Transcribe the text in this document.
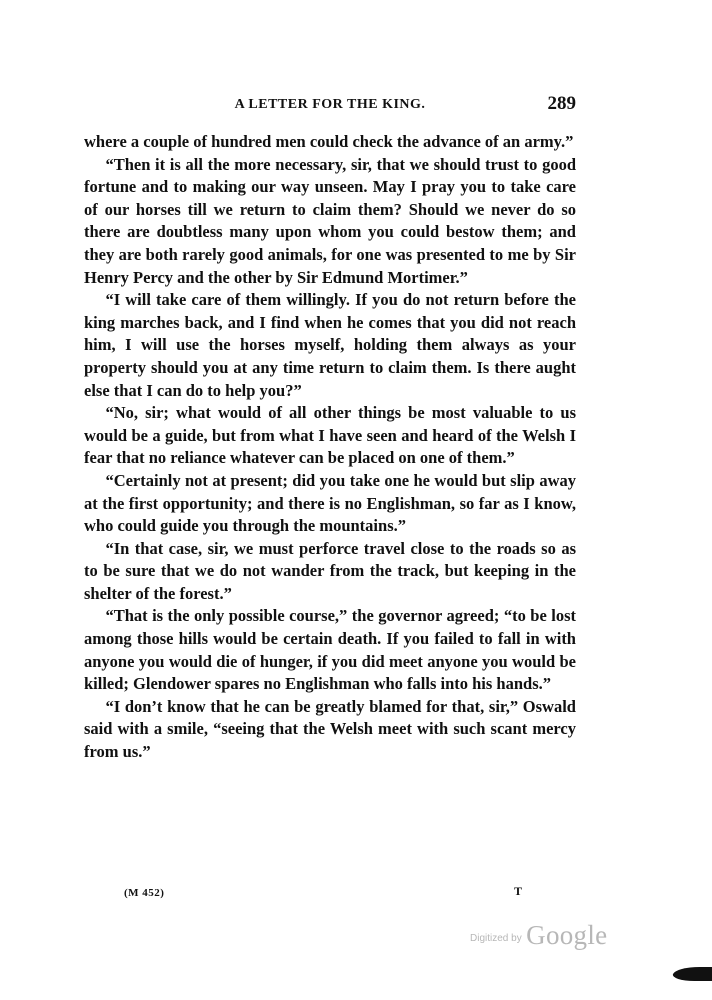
A LETTER FOR THE KING.	289

where a couple of hundred men could check the advance of an army.”

“Then it is all the more necessary, sir, that we should trust to good fortune and to making our way unseen. May I pray you to take care of our horses till we return to claim them? Should we never do so there are doubtless many upon whom you could bestow them; and they are both rarely good animals, for one was presented to me by Sir Henry Percy and the other by Sir Edmund Mortimer.”

“I will take care of them willingly. If you do not return before the king marches back, and I find when he comes that you did not reach him, I will use the horses myself, holding them always as your property should you at any time return to claim them. Is there aught else that I can do to help you?”

“No, sir; what would of all other things be most valuable to us would be a guide, but from what I have seen and heard of the Welsh I fear that no reliance whatever can be placed on one of them.”

“Certainly not at present; did you take one he would but slip away at the first opportunity; and there is no Englishman, so far as I know, who could guide you through the mountains.”

“In that case, sir, we must perforce travel close to the roads so as to be sure that we do not wander from the track, but keeping in the shelter of the forest.”

“That is the only possible course,” the governor agreed; “to be lost among those hills would be certain death. If you failed to fall in with anyone you would die of hunger, if you did meet anyone you would be killed; Glendower spares no Englishman who falls into his hands.”

“I don’t know that he can be greatly blamed for that, sir,” Oswald said with a smile, “seeing that the Welsh meet with such scant mercy from us.”

(M 452)	T
Digitized by Google
